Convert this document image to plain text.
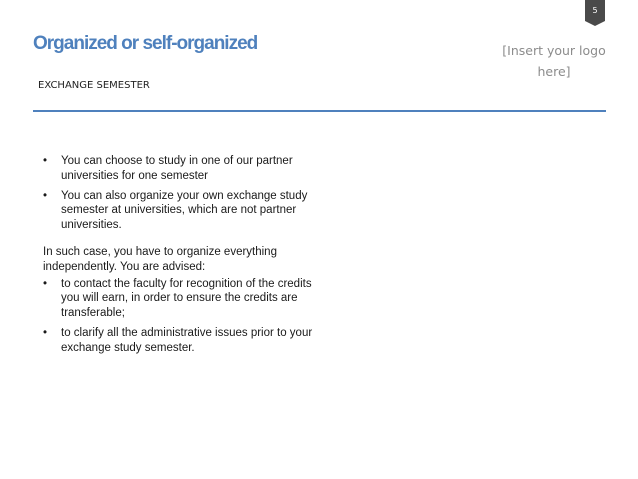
5
Organized or self-organized
EXCHANGE SEMESTER
[Insert your logo here]
•	You can choose to study in one of our partner universities for one semester
•	You can also organize your own exchange study semester at universities, which are not partner universities.

In such case, you have to organize everything independently. You are advised:

•	to contact the faculty for recognition of the credits you will earn, in order to ensure the credits are transferable;
•	to clarify all the administrative issues prior to your exchange study semester.
